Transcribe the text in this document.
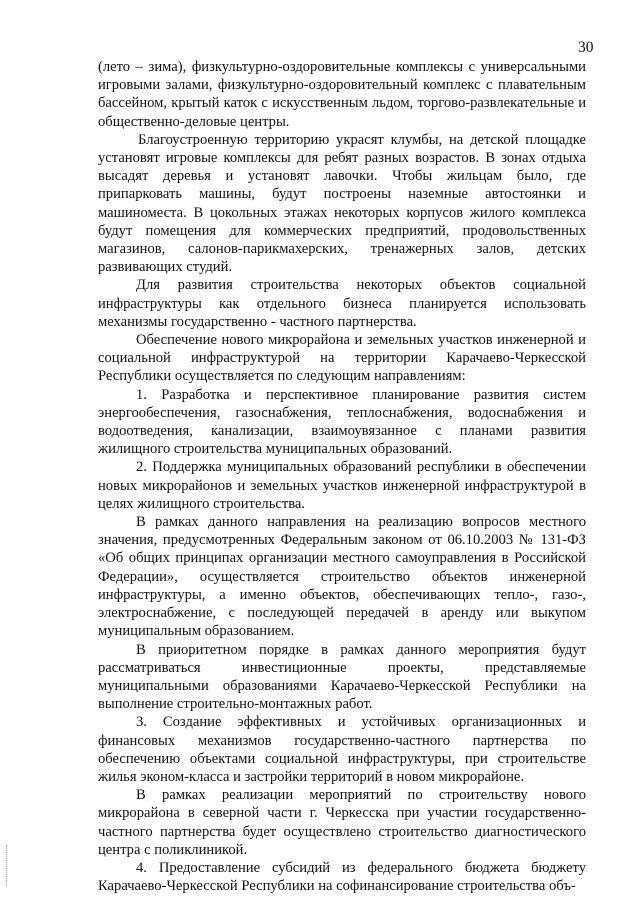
30

(лето – зима), физкультурно-оздоровительные комплексы с универсальными игровыми залами, физкультурно-оздоровительный комплекс с плавательным бассейном, крытый каток с искусственным льдом, торгово-развлекательные и общественно-деловые центры.

Благоустроенную территорию украсят клумбы, на детской площадке установят игровые комплексы для ребят разных возрастов. В зонах отдыха высадят деревья и установят лавочки. Чтобы жильцам было, где припарковать машины, будут построены наземные автостоянки и машиноместа. В цокольных этажах некоторых корпусов жилого комплекса будут помещения для коммерческих предприятий, продовольственных магазинов, салонов-парикмахерских, тренажерных залов, детских развивающих студий.

Для развития строительства некоторых объектов социальной инфраструктуры как отдельного бизнеса планируется использовать механизмы государственно - частного партнерства.

Обеспечение нового микрорайона и земельных участков инженерной и социальной инфраструктурой на территории Карачаево-Черкесской Республики осуществляется по следующим направлениям:

1. Разработка и перспективное планирование развития систем энергообеспечения, газоснабжения, теплоснабжения, водоснабжения и водоотведения, канализации, взаимоувязанное с планами развития жилищного строительства муниципальных образований.

2. Поддержка муниципальных образований республики в обеспечении новых микрорайонов и земельных участков инженерной инфраструктурой в целях жилищного строительства.

В рамках данного направления на реализацию вопросов местного значения, предусмотренных Федеральным законом от 06.10.2003 № 131-ФЗ «Об общих принципах организации местного самоуправления в Российской Федерации», осуществляется строительство объектов инженерной инфраструктуры, а именно объектов, обеспечивающих тепло-, газо-, электроснабжение, с последующей передачей в аренду или выкупом муниципальным образованием.

В приоритетном порядке в рамках данного мероприятия будут рассматриваться инвестиционные проекты, представляемые муниципальными образованиями Карачаево-Черкесской Республики на выполнение строительно-монтажных работ.

3. Создание эффективных и устойчивых организационных и финансовых механизмов государственно-частного партнерства по обеспечению объектами социальной инфраструктуры, при строительстве жилья эконом-класса и застройки территорий в новом микрорайоне.

В рамках реализации мероприятий по строительству нового микрорайона в северной части г. Черкесска при участии государственно-частного партнерства будет осуществлено строительство диагностического центра с поликлиникой.

4. Предоставление субсидий из федерального бюджета бюджету Карачаево-Черкесской Республики на софинансирование строительства объ-
